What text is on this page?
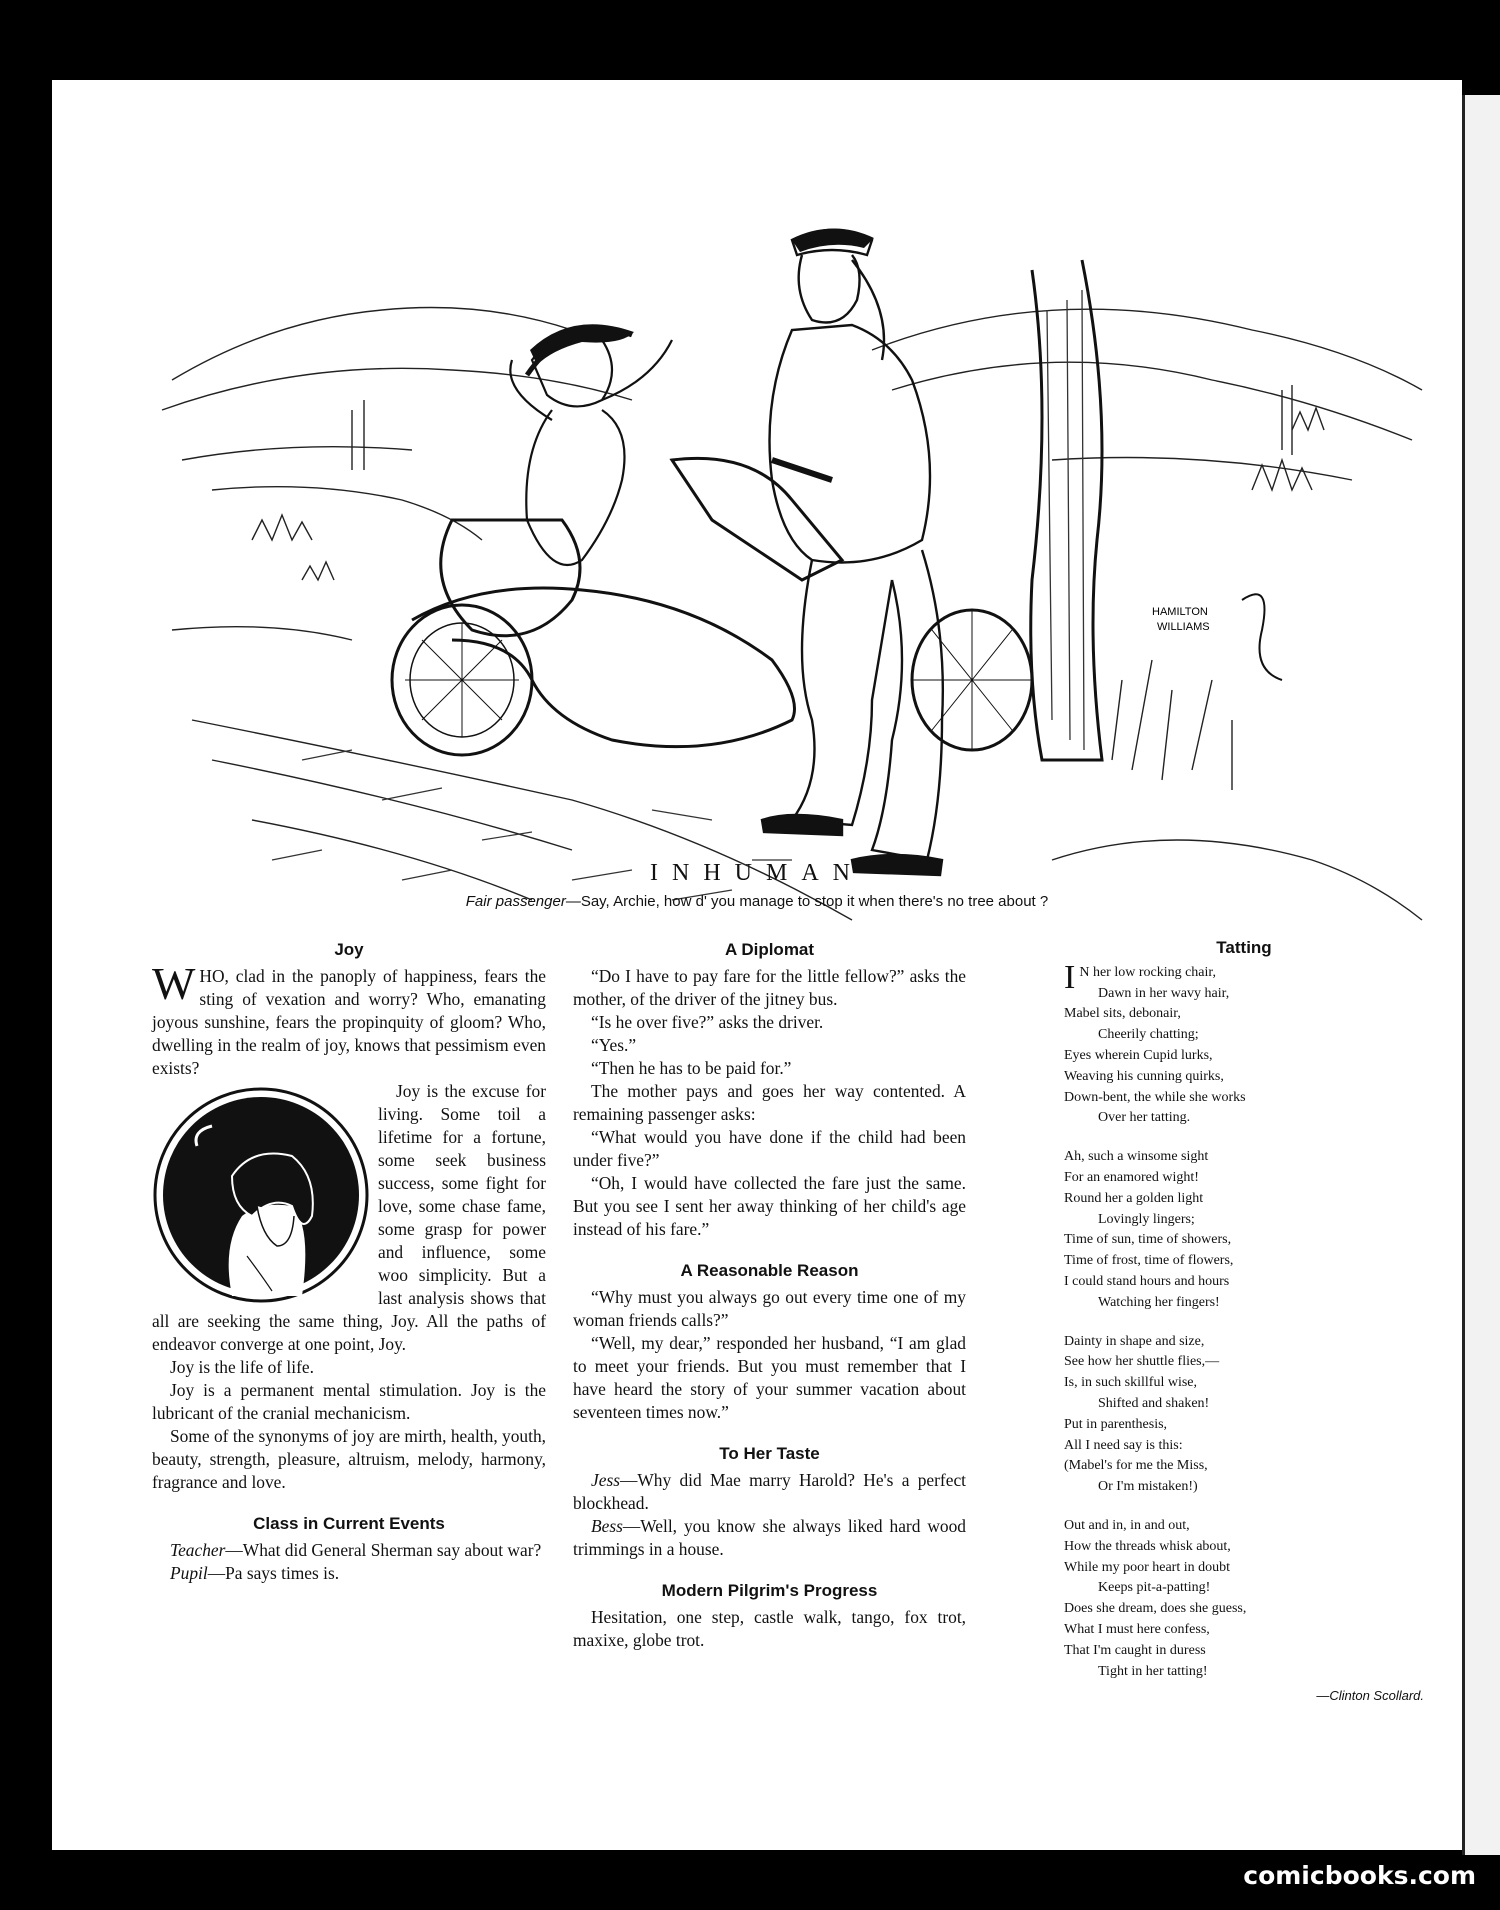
HAMILTON
WILLIAMS
INHUMAN
Fair passenger—Say, Archie, how d' you manage to stop it when there's no tree about ?
Joy

WHO, clad in the panoply of happiness, fears the sting of vexation and worry? Who, emanating joyous sunshine, fears the propinquity of gloom? Who, dwelling in the realm of joy, knows that pessimism even exists?

Joy is the excuse for living. Some toil a lifetime for a fortune, some seek business success, some fight for love, some chase fame, some grasp for power and influence, some woo simplicity. But a last analysis shows that all are seeking the same thing, Joy. All the paths of endeavor converge at one point, Joy.

Joy is the life of life.

Joy is a permanent mental stimulation. Joy is the lubricant of the cranial mechanicism.

Some of the synonyms of joy are mirth, health, youth, beauty, strength, pleasure, altruism, melody, harmony, fragrance and love.

Class in Current Events

Teacher—What did General Sherman say about war?

Pupil—Pa says times is.

A Diplomat

“Do I have to pay fare for the little fellow?” asks the mother, of the driver of the jitney bus.

“Is he over five?” asks the driver.

“Yes.”

“Then he has to be paid for.”

The mother pays and goes her way contented. A remaining passenger asks:

“What would you have done if the child had been under five?”

“Oh, I would have collected the fare just the same. But you see I sent her away thinking of her child's age instead of his fare.”

A Reasonable Reason

“Why must you always go out every time one of my woman friends calls?”

“Well, my dear,” responded her husband, “I am glad to meet your friends. But you must remember that I have heard the story of your summer vacation about seventeen times now.”

To Her Taste

Jess—Why did Mae marry Harold? He's a perfect blockhead.

Bess—Well, you know she always liked hard wood trimmings in a house.

Modern Pilgrim's Progress

Hesitation, one step, castle walk, tango, fox trot, maxixe, globe trot.

Tatting
I N her low rocking chair,
Dawn in her wavy hair,
Mabel sits, debonair,
Cheerily chatting;
Eyes wherein Cupid lurks,
Weaving his cunning quirks,
Down-bent, the while she works
Over her tatting.
Ah, such a winsome sight
For an enamored wight!
Round her a golden light
Lovingly lingers;
Time of sun, time of showers,
Time of frost, time of flowers,
I could stand hours and hours
Watching her fingers!
Dainty in shape and size,
See how her shuttle flies,—
Is, in such skillful wise,
Shifted and shaken!
Put in parenthesis,
All I need say is this:
(Mabel's for me the Miss,
Or I'm mistaken!)
Out and in, in and out,
How the threads whisk about,
While my poor heart in doubt
Keeps pit-a-patting!
Does she dream, does she guess,
What I must here confess,
That I'm caught in duress
Tight in her tatting!
—Clinton Scollard.
comicbooks.com
